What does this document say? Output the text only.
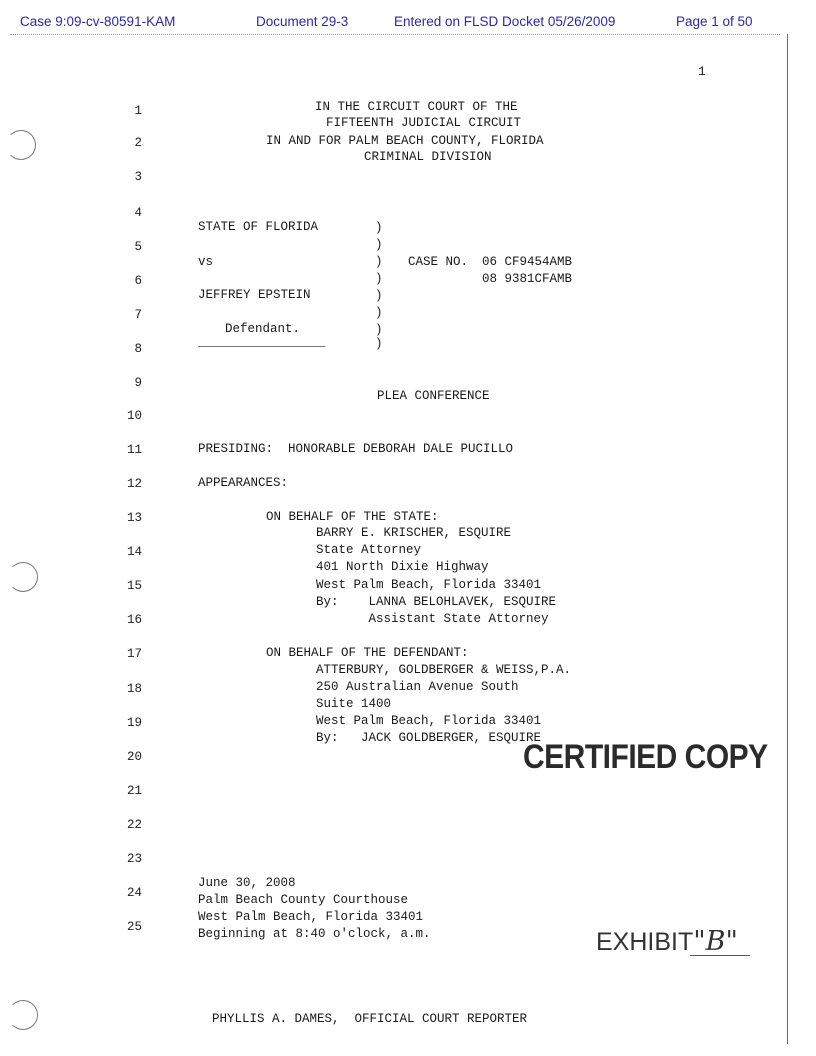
Case 9:09-cv-80591-KAM	Document 29-3	Entered on FLSD Docket 05/26/2009	Page 1 of 50
1
1
2
3
4
5
6
7
8
9
10
11
12
13
14
15
16
17
18
19
20
21
22
23
24
25
IN THE CIRCUIT COURT OF THE
FIFTEENTH JUDICIAL CIRCUIT
IN AND FOR PALM BEACH COUNTY, FLORIDA
CRIMINAL DIVISION
STATE OF FLORIDA
vs
JEFFREY EPSTEIN
Defendant.
_________________
)
)
)
)
)
)
)
)
CASE NO. 06 CF9454AMB
08 9381CFAMB
PLEA CONFERENCE
PRESIDING:  HONORABLE DEBORAH DALE PUCILLO
APPEARANCES:
ON BEHALF OF THE STATE:
BARRY E. KRISCHER, ESQUIRE
State Attorney
401 North Dixie Highway
West Palm Beach, Florida 33401
By:    LANNA BELOHLAVEK, ESQUIRE
Assistant State Attorney
ON BEHALF OF THE DEFENDANT:
ATTERBURY, GOLDBERGER & WEISS,P.A.
250 Australian Avenue South
Suite 1400
West Palm Beach, Florida 33401
By:   JACK GOLDBERGER, ESQUIRE
CERTIFIED COPY
June 30, 2008
Palm Beach County Courthouse
West Palm Beach, Florida 33401
Beginning at 8:40 o'clock, a.m.	EXHIBIT"B"
PHYLLIS A. DAMES,  OFFICIAL COURT REPORTER
